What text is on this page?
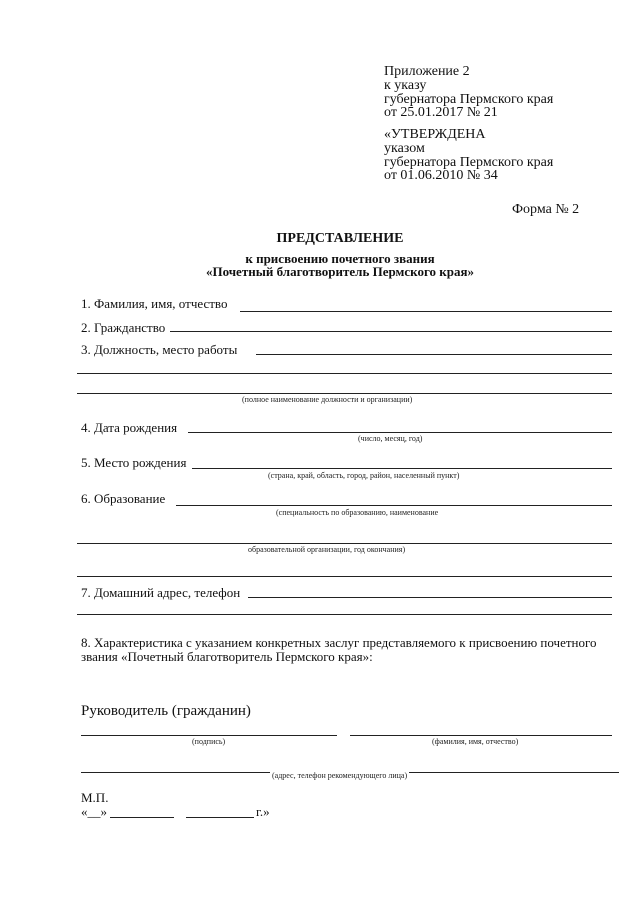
Приложение 2
к указу
губернатора Пермского края
от 25.01.2017 № 21
«УТВЕРЖДЕНА
указом
губернатора Пермского края
от 01.06.2010 № 34
Форма № 2
ПРЕДСТАВЛЕНИЕ
к присвоению почетного звания
«Почетный благотворитель Пермского края»
1. Фамилия, имя, отчество
2. Гражданство
3. Должность, место работы
(полное наименование должности и организации)
4. Дата рождения
(число, месяц, год)
5. Место рождения
(страна, край, область, город, район, населенный пункт)
6. Образование
(специальность по образованию, наименование
образовательной организации, год окончания)
7. Домашний адрес, телефон
8. Характеристика с указанием конкретных заслуг представляемого к присвоению почетного
звания «Почетный благотворитель Пермского края»:
Руководитель (гражданин)
(подпись)	(фамилия, имя, отчество)
(адрес, телефон рекомендующего лица)
М.П.
«__»	г.»
